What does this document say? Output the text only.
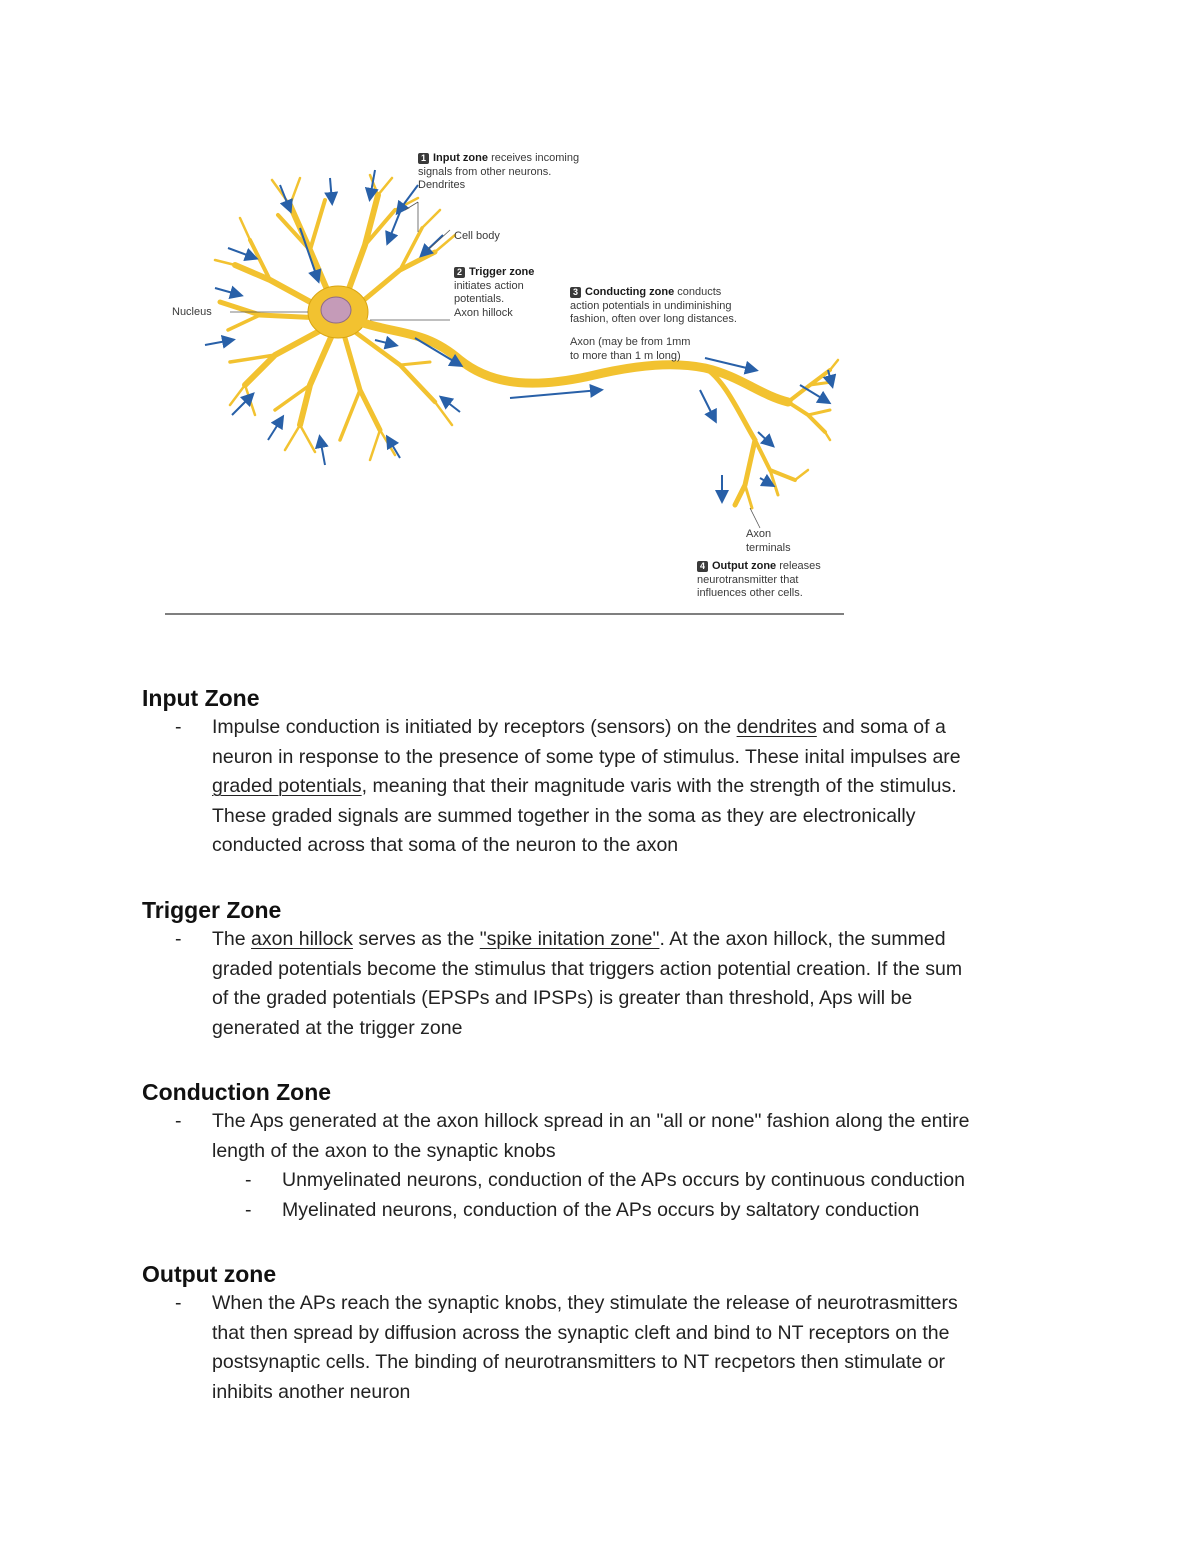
1 Input zone receives incoming
signals from other neurons.
Dendrites
Cell body
2 Trigger zone
initiates action
potentials.
Axon hillock
Nucleus
3 Conducting zone conducts
action potentials in undiminishing
fashion, often over long distances.
Axon (may be from 1mm
to more than 1 m long)
Axon
terminals
4 Output zone releases
neurotransmitter that
influences other cells.
Input Zone
- Impulse conduction is initiated by receptors (sensors) on the dendrites and soma of a
neuron in response to the presence of some type of stimulus. These inital impulses are
graded potentials, meaning that their magnitude varis with the strength of the stimulus.
These graded signals are summed together in the soma as they are electronically
conducted across that soma of the neuron to the axon
Trigger Zone
- The axon hillock serves as the "spike initation zone". At the axon hillock, the summed
graded potentials become the stimulus that triggers action potential creation. If the sum
of the graded potentials (EPSPs and IPSPs) is greater than threshold, Aps will be
generated at the trigger zone
Conduction Zone
- The Aps generated at the axon hillock spread in an "all or none" fashion along the entire
length of the axon to the synaptic knobs
- Unmyelinated neurons, conduction of the APs occurs by continuous conduction
- Myelinated neurons, conduction of the APs occurs by saltatory conduction
Output zone
- When the APs reach the synaptic knobs, they stimulate the release of neurotrasmitters
that then spread by diffusion across the synaptic cleft and bind to NT receptors on the
postsynaptic cells. The binding of neurotransmitters to NT recpetors then stimulate or
inhibits another neuron
